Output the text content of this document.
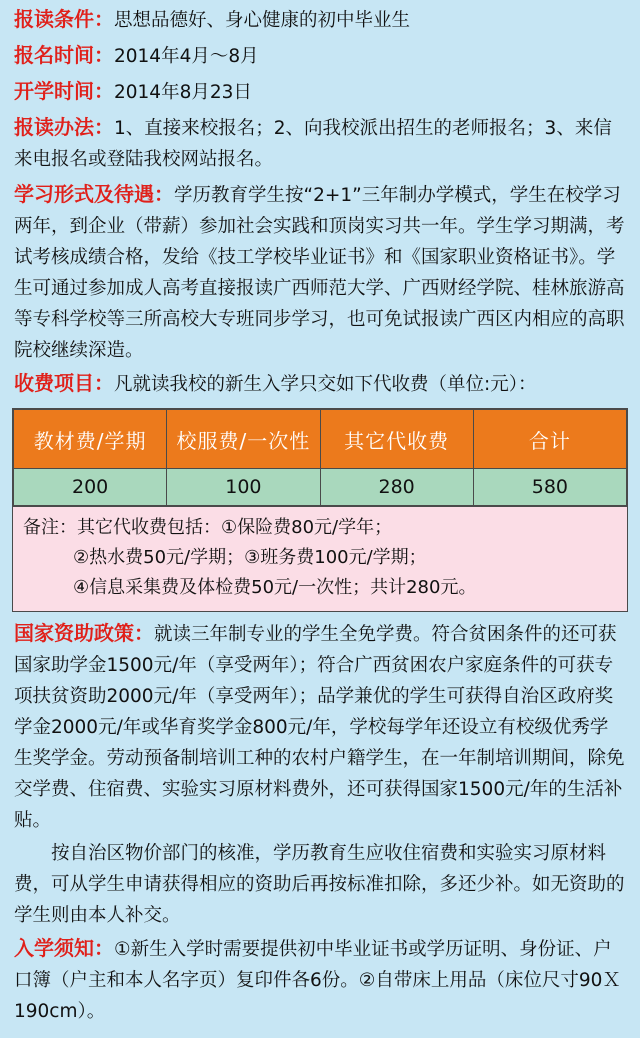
报读条件：思想品德好、身心健康的初中毕业生

报名时间：2014年4月～8月

开学时间：2014年8月23日

报读办法：1、直接来校报名；2、向我校派出招生的老师报名；3、来信来电报名或登陆我校网站报名。

学习形式及待遇：学历教育学生按“2+1”三年制办学模式，学生在校学习两年，到企业（带薪）参加社会实践和顶岗实习共一年。学生学习期满，考试考核成绩合格，发给《技工学校毕业证书》和《国家职业资格证书》。学生可通过参加成人高考直接报读广西师范大学、广西财经学院、桂林旅游高等专科学校等三所高校大专班同步学习，也可免试报读广西区内相应的高职院校继续深造。

收费项目：凡就读我校的新生入学只交如下代收费（单位:元）：

教材费/学期	校服费/一次性	其它代收费	合计
200	100	280	580
备注：其它代收费包括：①保险费80元/学年；
②热水费50元/学期；③班务费100元/学期；
④信息采集费及体检费50元/一次性；共计280元。

国家资助政策：就读三年制专业的学生全免学费。符合贫困条件的还可获国家助学金1500元/年（享受两年）；符合广西贫困农户家庭条件的可获专项扶贫资助2000元/年（享受两年）；品学兼优的学生可获得自治区政府奖学金2000元/年或华育奖学金800元/年，学校每学年还设立有校级优秀学生奖学金。劳动预备制培训工种的农村户籍学生，在一年制培训期间，除免交学费、住宿费、实验实习原材料费外，还可获得国家1500元/年的生活补贴。

按自治区物价部门的核准，学历教育生应收住宿费和实验实习原材料费，可从学生申请获得相应的资助后再按标准扣除，多还少补。如无资助的学生则由本人补交。

入学须知：①新生入学时需要提供初中毕业证书或学历证明、身份证、户口簿（户主和本人名字页）复印件各6份。②自带床上用品（床位尺寸90Ｘ190cm）。
